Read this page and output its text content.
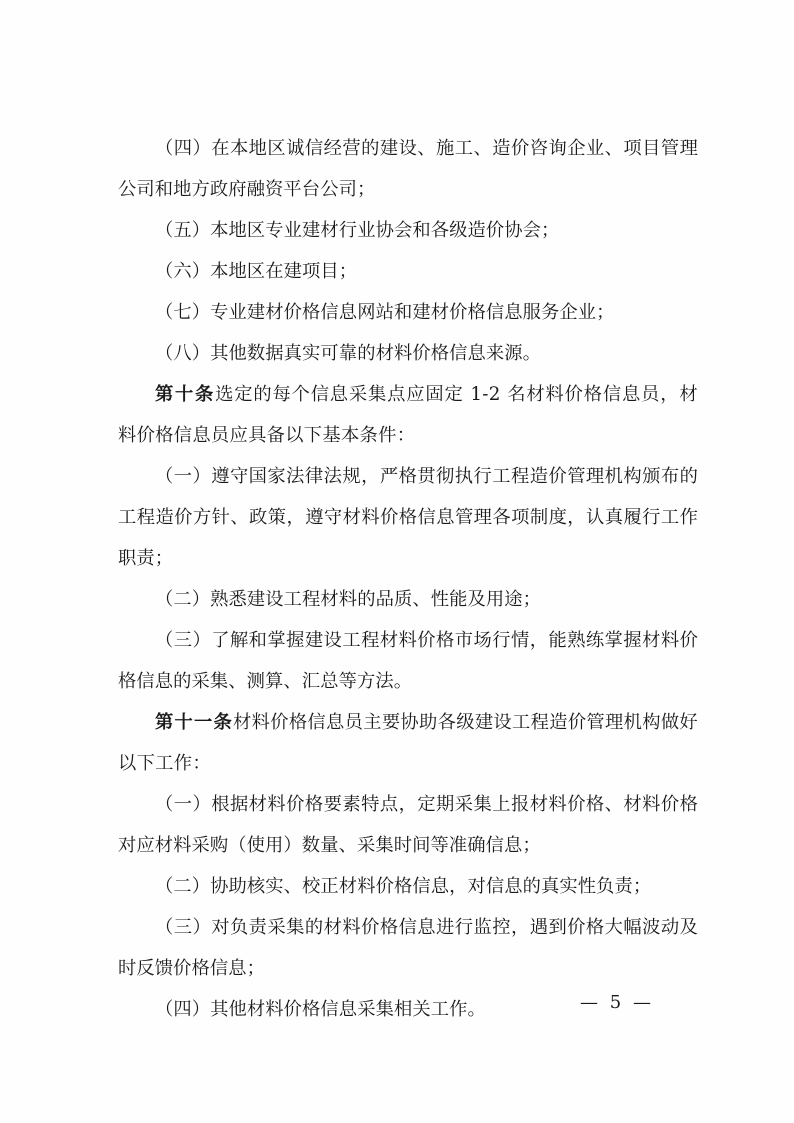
（四）在本地区诚信经营的建设、施工、造价咨询企业、项目管理公司和地方政府融资平台公司；

（五）本地区专业建材行业协会和各级造价协会；

（六）本地区在建项目；

（七）专业建材价格信息网站和建材价格信息服务企业；

（八）其他数据真实可靠的材料价格信息来源。

第十条选定的每个信息采集点应固定 1-2 名材料价格信息员，材料价格信息员应具备以下基本条件：

（一）遵守国家法律法规，严格贯彻执行工程造价管理机构颁布的工程造价方针、政策，遵守材料价格信息管理各项制度，认真履行工作职责；

（二）熟悉建设工程材料的品质、性能及用途；

（三）了解和掌握建设工程材料价格市场行情，能熟练掌握材料价格信息的采集、测算、汇总等方法。

第十一条材料价格信息员主要协助各级建设工程造价管理机构做好以下工作：

（一）根据材料价格要素特点，定期采集上报材料价格、材料价格对应材料采购（使用）数量、采集时间等准确信息；

（二）协助核实、校正材料价格信息，对信息的真实性负责；

（三）对负责采集的材料价格信息进行监控，遇到价格大幅波动及时反馈价格信息；

（四）其他材料价格信息采集相关工作。	— 5 —
